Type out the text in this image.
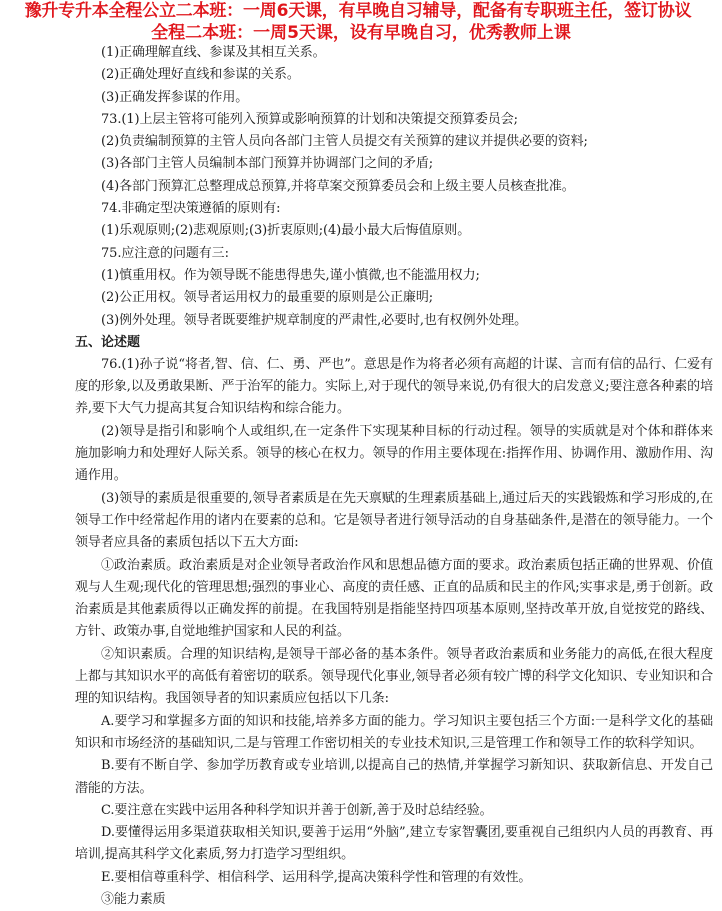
豫升专升本全程公立二本班：一周6天课，有早晚自习辅导，配备有专职班主任，签订协议
全程二本班：一周5天课，设有早晚自习，优秀教师上课

(1)正确理解直线、参谋及其相互关系。

(2)正确处理好直线和参谋的关系。

(3)正确发挥参谋的作用。

73.(1)上层主管将可能列入预算或影响预算的计划和决策提交预算委员会;

(2)负责编制预算的主管人员向各部门主管人员提交有关预算的建议并提供必要的资料;

(3)各部门主管人员编制本部门预算并协调部门之间的矛盾;

(4)各部门预算汇总整理成总预算,并将草案交预算委员会和上级主要人员核查批准。

74.非确定型决策遵循的原则有:

(1)乐观原则;(2)悲观原则;(3)折衷原则;(4)最小最大后悔值原则。

75.应注意的问题有三:

(1)慎重用权。作为领导既不能患得患失,谨小慎微,也不能滥用权力;

(2)公正用权。领导者运用权力的最重要的原则是公正廉明;

(3)例外处理。领导者既要维护规章制度的严肃性,必要时,也有权例外处理。

五、论述题

76.(1)孙子说“将者,智、信、仁、勇、严也”。意思是作为将者必须有高超的计谋、言而有信的品行、仁爱有度的形象,以及勇敢果断、严于治军的能力。实际上,对于现代的领导来说,仍有很大的启发意义;要注意各种素的培养,要下大气力提高其复合知识结构和综合能力。

(2)领导是指引和影响个人或组织,在一定条件下实现某种目标的行动过程。领导的实质就是对个体和群体来施加影响力和处理好人际关系。领导的核心在权力。领导的作用主要体现在:指挥作用、协调作用、激励作用、沟通作用。

(3)领导的素质是很重要的,领导者素质是在先天禀赋的生理素质基础上,通过后天的实践锻炼和学习形成的,在领导工作中经常起作用的诸内在要素的总和。它是领导者进行领导活动的自身基础条件,是潜在的领导能力。一个领导者应具备的素质包括以下五大方面:

①政治素质。政治素质是对企业领导者政治作风和思想品德方面的要求。政治素质包括正确的世界观、价值观与人生观;现代化的管理思想;强烈的事业心、高度的责任感、正直的品质和民主的作风;实事求是,勇于创新。政治素质是其他素质得以正确发挥的前提。在我国特别是指能坚持四项基本原则,坚持改革开放,自觉按党的路线、方针、政策办事,自觉地维护国家和人民的利益。

②知识素质。合理的知识结构,是领导干部必备的基本条件。领导者政治素质和业务能力的高低,在很大程度上都与其知识水平的高低有着密切的联系。领导现代化事业,领导者必须有较广博的科学文化知识、专业知识和合理的知识结构。我国领导者的知识素质应包括以下几条:

A.要学习和掌握多方面的知识和技能,培养多方面的能力。学习知识主要包括三个方面:一是科学文化的基础知识和市场经济的基础知识,二是与管理工作密切相关的专业技术知识,三是管理工作和领导工作的软科学知识。

B.要有不断自学、参加学历教育或专业培训,以提高自己的热情,并掌握学习新知识、获取新信息、开发自己潜能的方法。

C.要注意在实践中运用各种科学知识并善于创新,善于及时总结经验。

D.要懂得运用多渠道获取相关知识,要善于运用“外脑”,建立专家智囊团,要重视自己组织内人员的再教育、再培训,提高其科学文化素质,努力打造学习型组织。

E.要相信尊重科学、相信科学、运用科学,提高决策科学性和管理的有效性。

③能力素质
